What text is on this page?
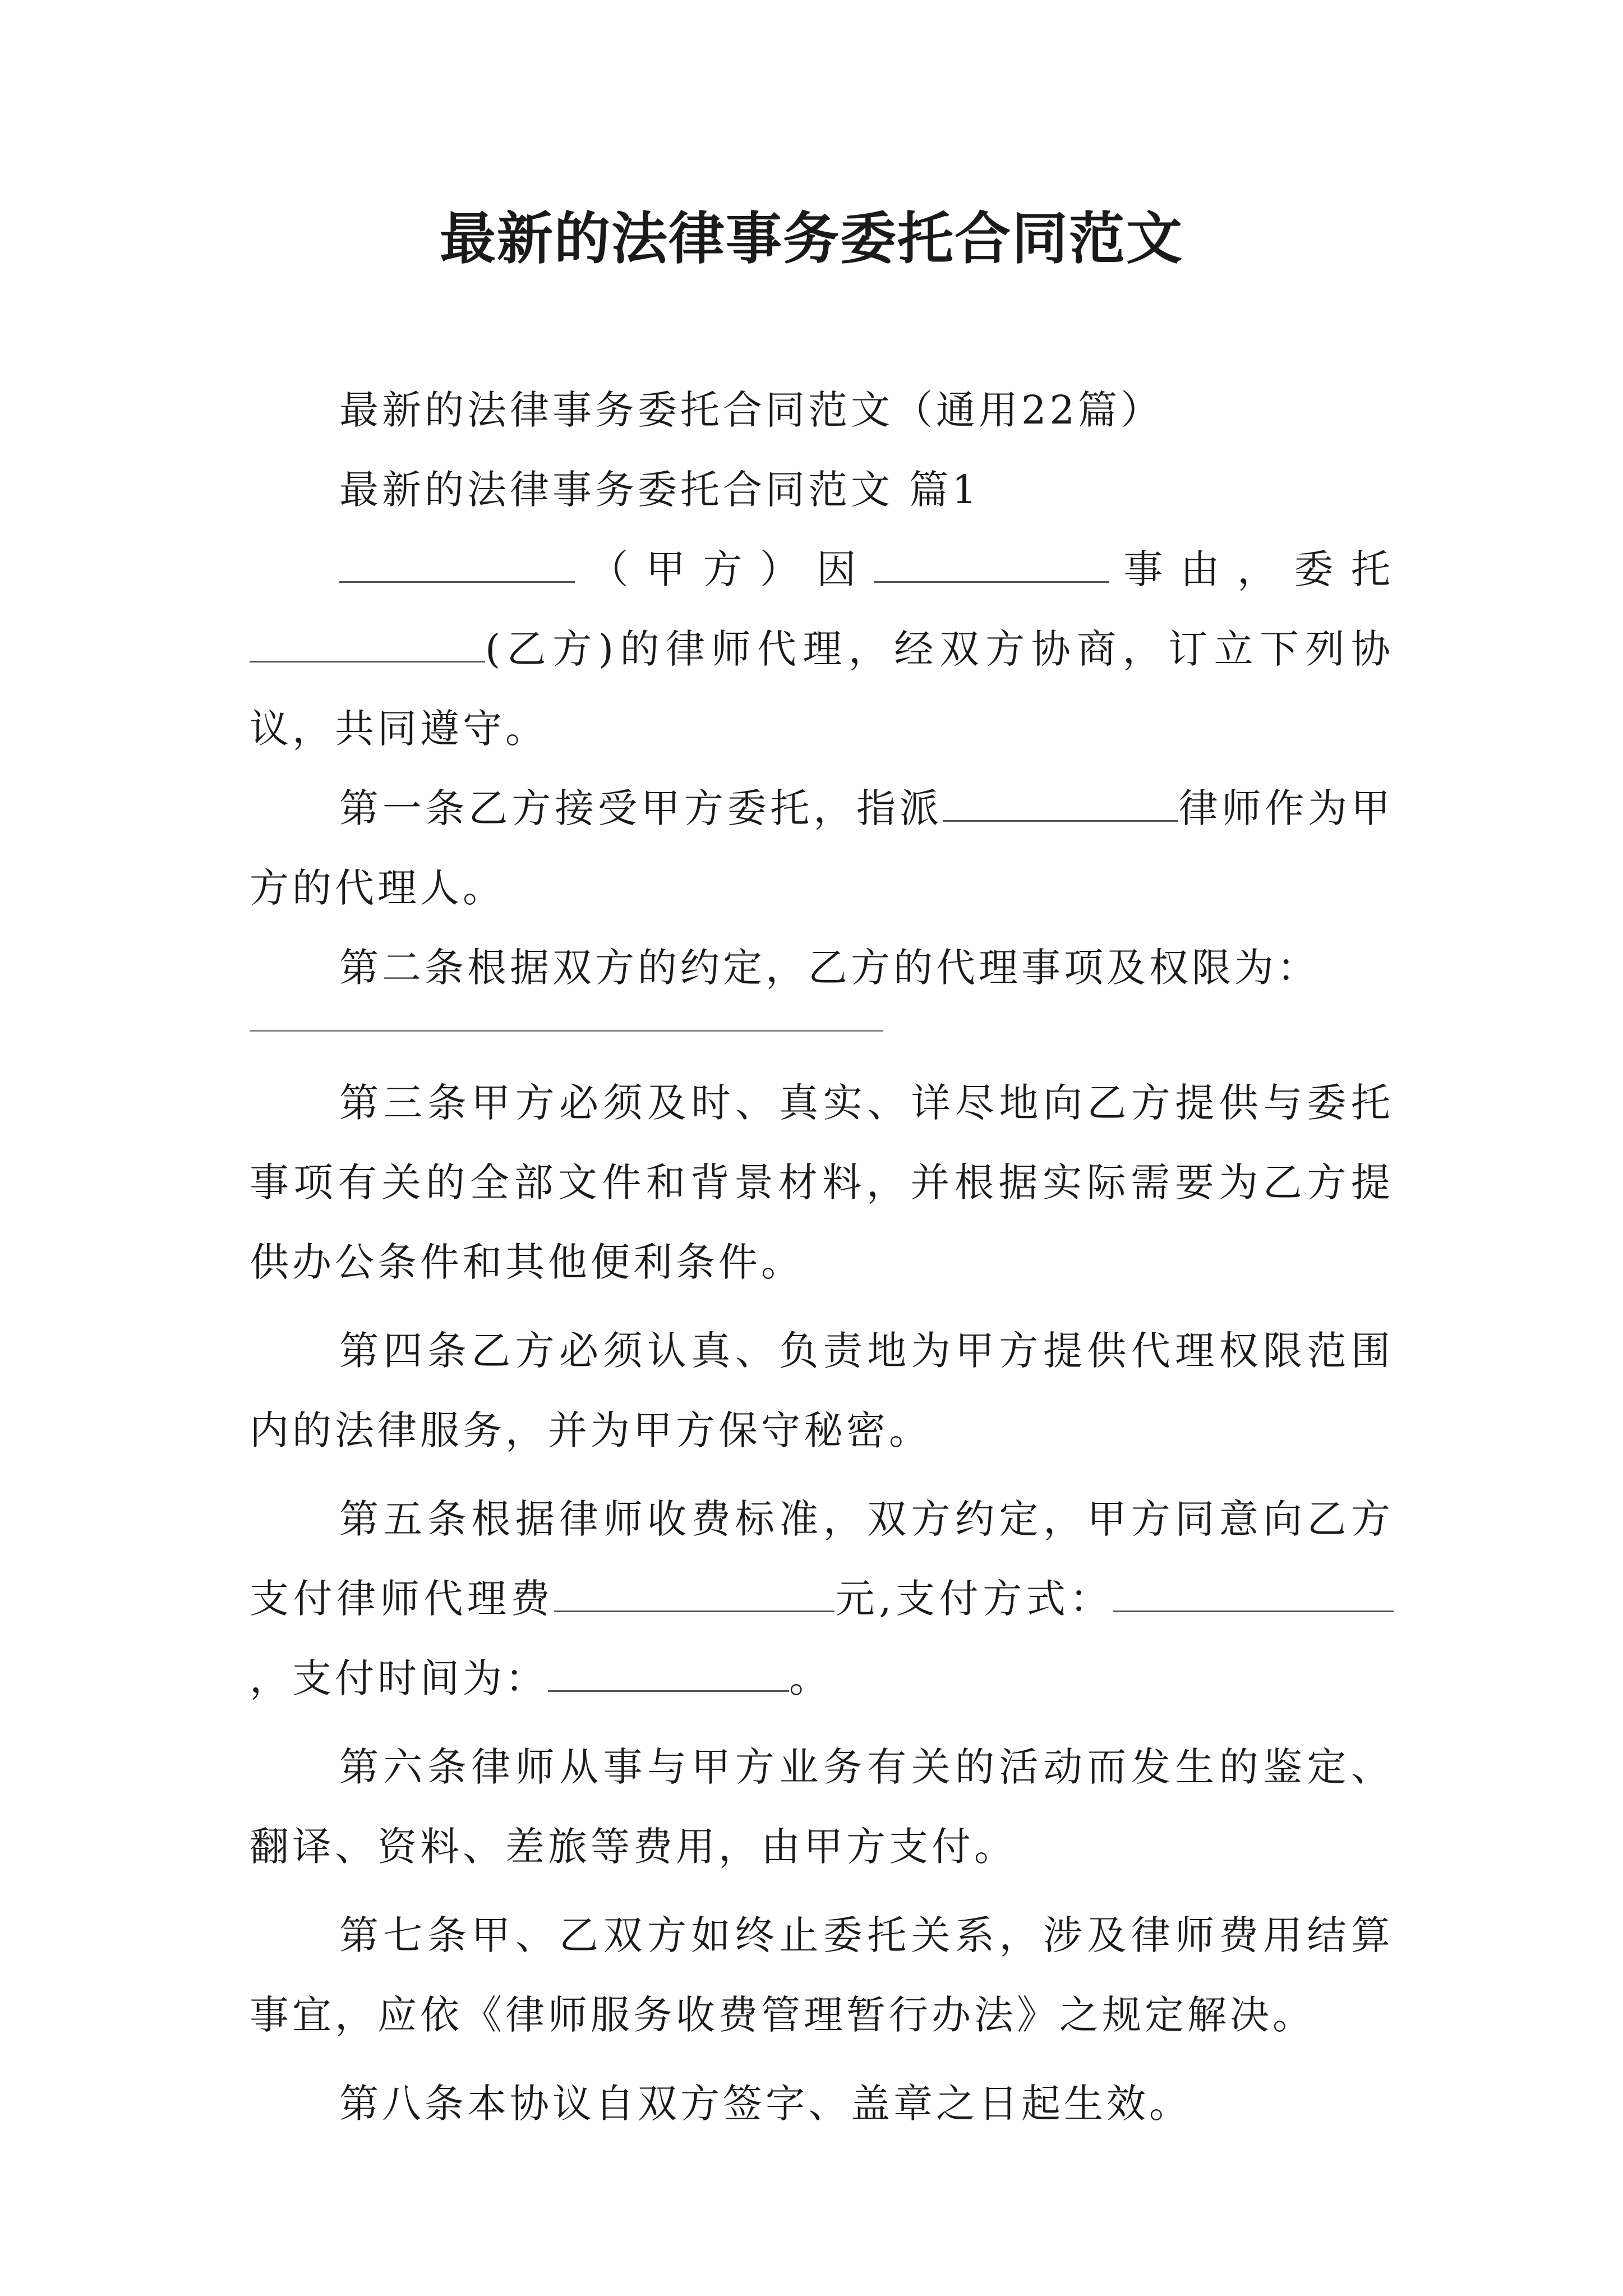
最新的法律事务委托合同范文

最新的法律事务委托合同范文（通用22篇）

最新的法律事务委托合同范文 篇1

（甲方）因	事由，委托(乙方)的律师代理，经双方协商，订立下列协议，共同遵守。

第一条乙方接受甲方委托，指派	律师作为甲方的代理人。

第二条根据双方的约定，乙方的代理事项及权限为：

第三条甲方必须及时、真实、详尽地向乙方提供与委托事项有关的全部文件和背景材料，并根据实际需要为乙方提供办公条件和其他便利条件。

第四条乙方必须认真、负责地为甲方提供代理权限范围内的法律服务，并为甲方保守秘密。

第五条根据律师收费标准，双方约定，甲方同意向乙方支付律师代理费	元,支付方式：，支付时间为：	。

第六条律师从事与甲方业务有关的活动而发生的鉴定、翻译、资料、差旅等费用，由甲方支付。

第七条甲、乙双方如终止委托关系，涉及律师费用结算事宜，应依《律师服务收费管理暂行办法》之规定解决。

第八条本协议自双方签字、盖章之日起生效。
